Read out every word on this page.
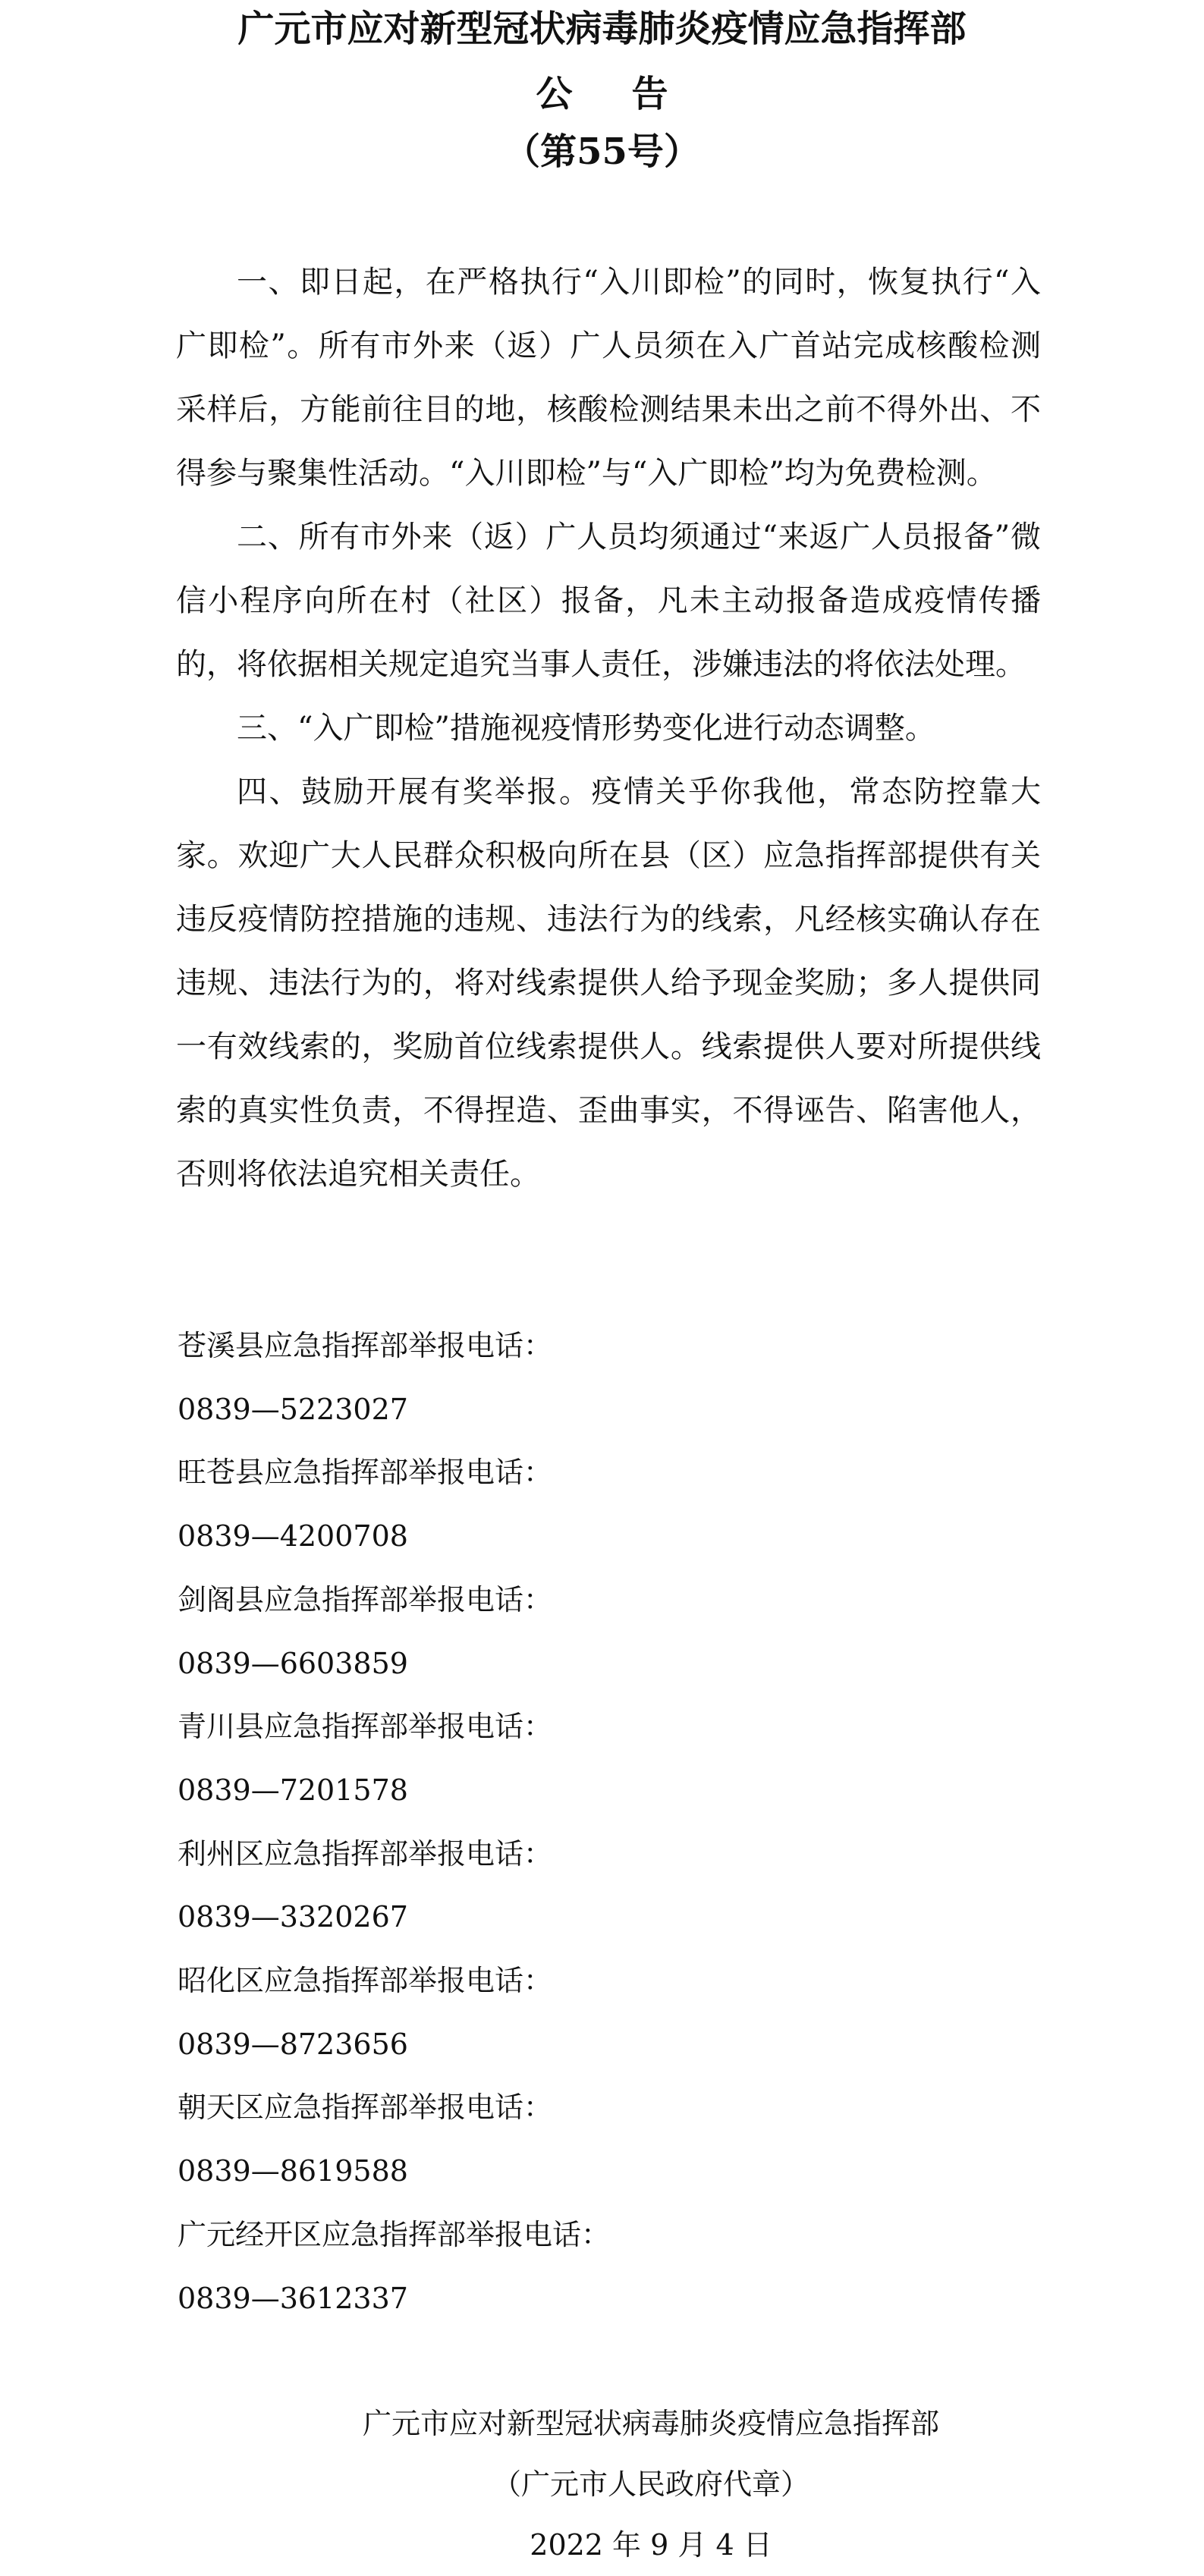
广元市应对新型冠状病毒肺炎疫情应急指挥部
公告
（第55号）

一、即日起，在严格执行“入川即检”的同时，恢复执行“入广即检”。所有市外来（返）广人员须在入广首站完成核酸检测采样后，方能前往目的地，核酸检测结果未出之前不得外出、不得参与聚集性活动。“入川即检”与“入广即检”均为免费检测。

二、所有市外来（返）广人员均须通过“来返广人员报备”微信小程序向所在村（社区）报备，凡未主动报备造成疫情传播的，将依据相关规定追究当事人责任，涉嫌违法的将依法处理。

三、“入广即检”措施视疫情形势变化进行动态调整。

四、鼓励开展有奖举报。疫情关乎你我他，常态防控靠大家。欢迎广大人民群众积极向所在县（区）应急指挥部提供有关违反疫情防控措施的违规、违法行为的线索，凡经核实确认存在违规、违法行为的，将对线索提供人给予现金奖励；多人提供同一有效线索的，奖励首位线索提供人。线索提供人要对所提供线索的真实性负责，不得捏造、歪曲事实，不得诬告、陷害他人，否则将依法追究相关责任。

苍溪县应急指挥部举报电话：
0839—5223027
旺苍县应急指挥部举报电话：
0839—4200708
剑阁县应急指挥部举报电话：
0839—6603859
青川县应急指挥部举报电话：
0839—7201578
利州区应急指挥部举报电话：
0839—3320267
昭化区应急指挥部举报电话：
0839—8723656
朝天区应急指挥部举报电话：
0839—8619588
广元经开区应急指挥部举报电话：
0839—3612337
广元市应对新型冠状病毒肺炎疫情应急指挥部
（广元市人民政府代章）
2022 年 9 月 4 日
